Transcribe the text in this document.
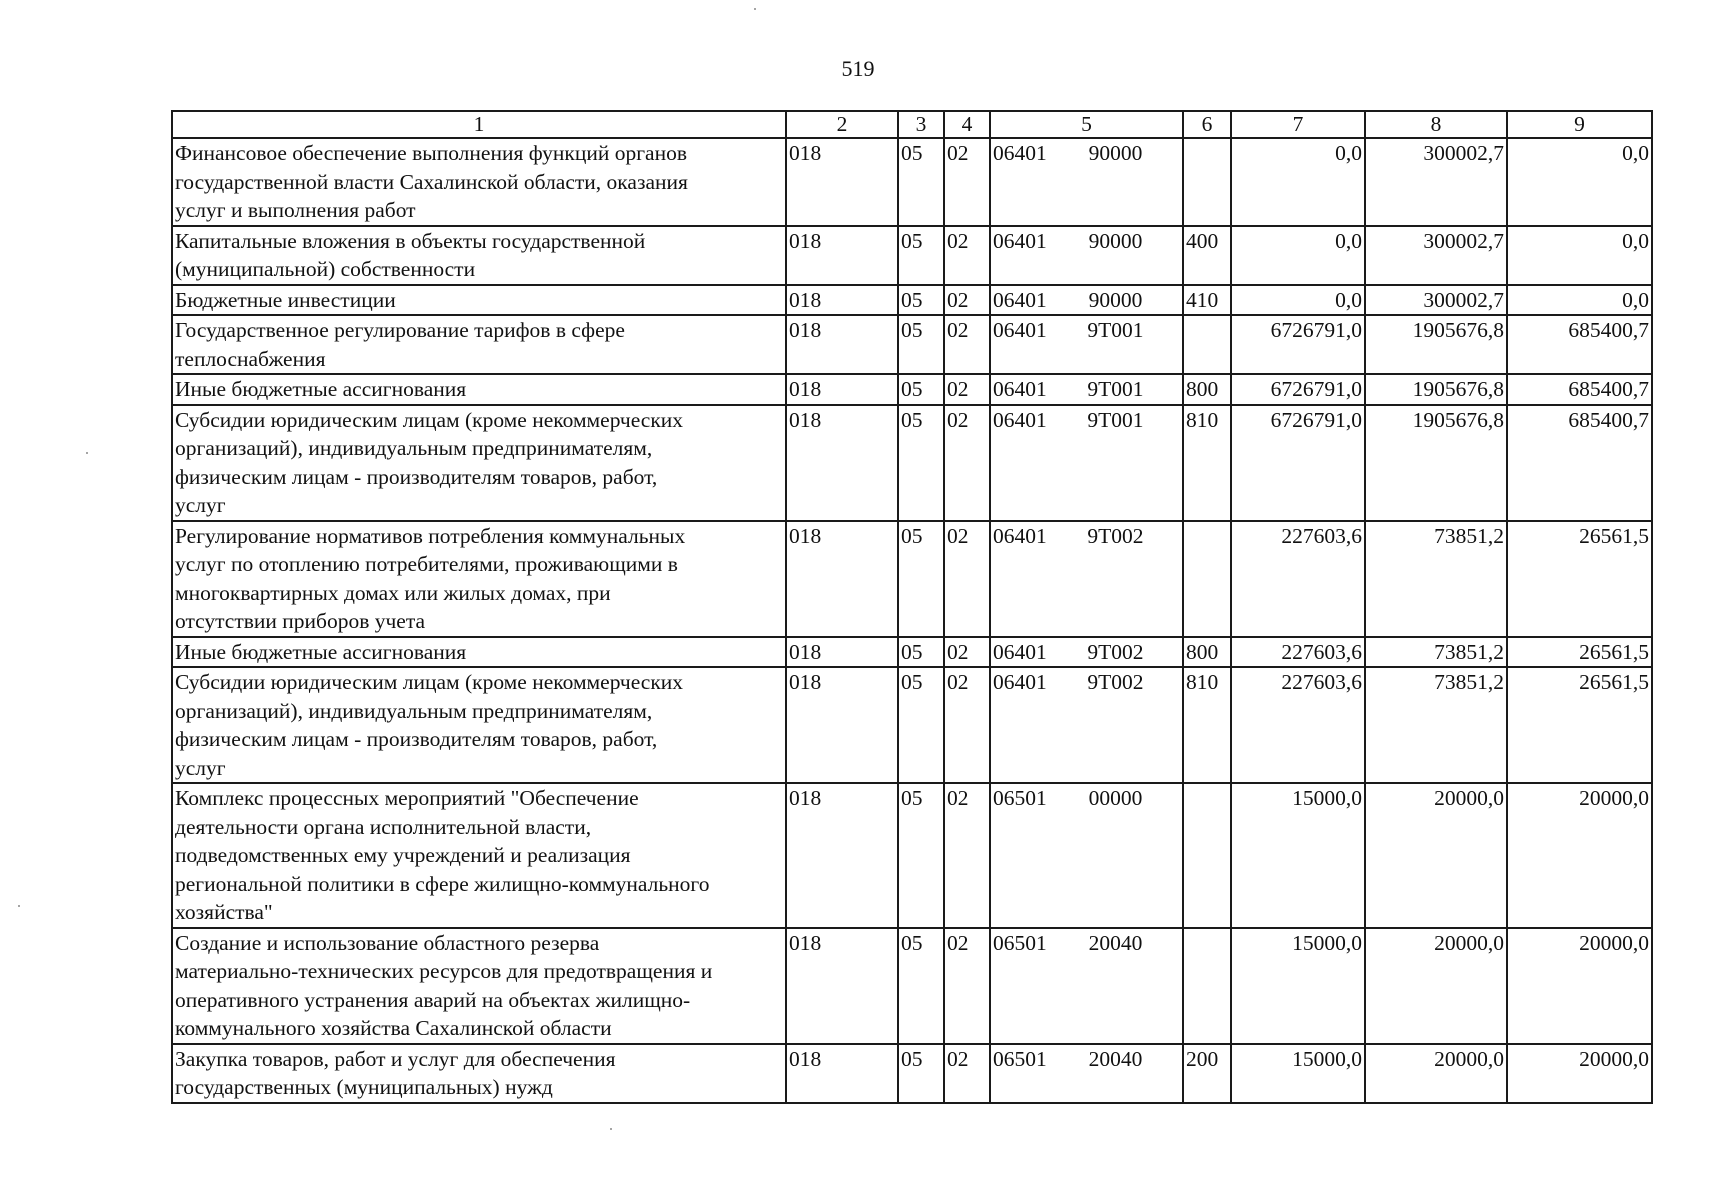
519
1	2	3	4	5	6	7	8	9
Финансовое обеспечение выполнения функций органов
государственной власти Сахалинской области, оказания
услуг и выполнения работ	018	05	02	06401 90000		0,0	300002,7	0,0
Капитальные вложения в объекты государственной
(муниципальной) собственности	018	05	02	06401 90000	400	0,0	300002,7	0,0
Бюджетные инвестиции	018	05	02	06401 90000	410	0,0	300002,7	0,0
Государственное регулирование тарифов в сфере
теплоснабжения	018	05	02	06401 9Т001		6726791,0	1905676,8	685400,7
Иные бюджетные ассигнования	018	05	02	06401 9Т001	800	6726791,0	1905676,8	685400,7
Субсидии юридическим лицам (кроме некоммерческих
организаций), индивидуальным предпринимателям,
физическим лицам - производителям товаров, работ,
услуг	018	05	02	06401 9Т001	810	6726791,0	1905676,8	685400,7
Регулирование нормативов потребления коммунальных
услуг по отоплению потребителями, проживающими в
многоквартирных домах или жилых домах, при
отсутствии приборов учета	018	05	02	06401 9Т002		227603,6	73851,2	26561,5
Иные бюджетные ассигнования	018	05	02	06401 9Т002	800	227603,6	73851,2	26561,5
Субсидии юридическим лицам (кроме некоммерческих
организаций), индивидуальным предпринимателям,
физическим лицам - производителям товаров, работ,
услуг	018	05	02	06401 9Т002	810	227603,6	73851,2	26561,5
Комплекс процессных мероприятий "Обеспечение
деятельности органа исполнительной власти,
подведомственных ему учреждений и реализация
региональной политики в сфере жилищно-коммунального
хозяйства"	018	05	02	06501 00000		15000,0	20000,0	20000,0
Создание и использование областного резерва
материально-технических ресурсов для предотвращения и
оперативного устранения аварий на объектах жилищно-
коммунального хозяйства Сахалинской области	018	05	02	06501 20040		15000,0	20000,0	20000,0
Закупка товаров, работ и услуг для обеспечения
государственных (муниципальных) нужд	018	05	02	06501 20040	200	15000,0	20000,0	20000,0
